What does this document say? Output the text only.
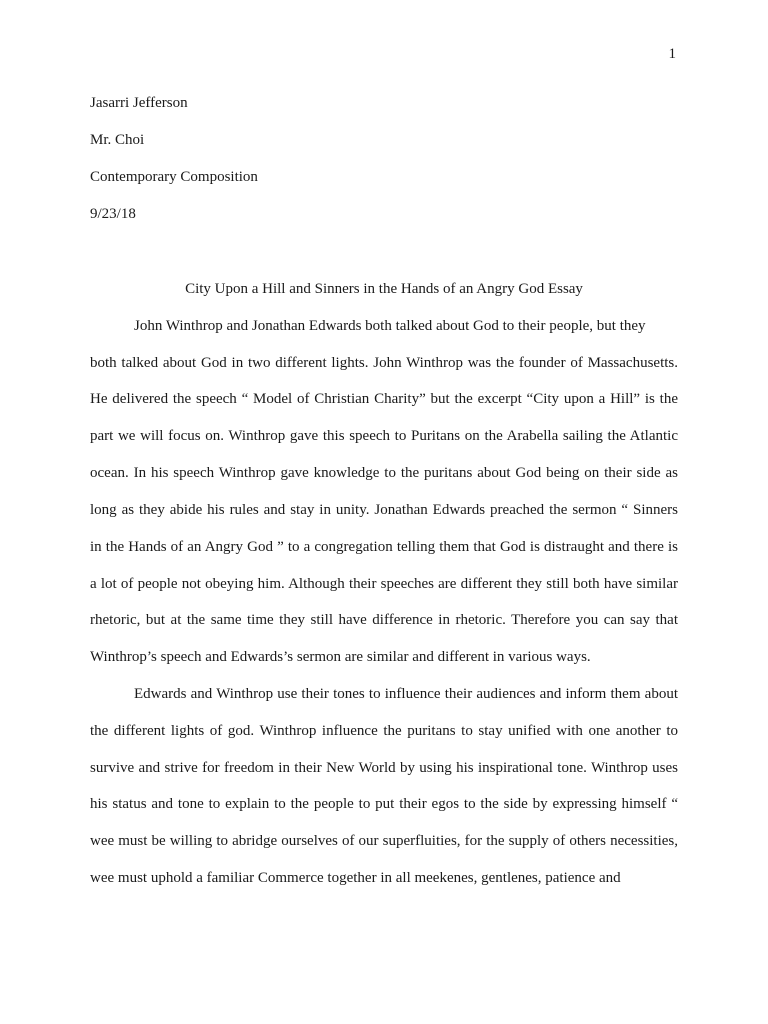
1
Jasarri Jefferson
Mr. Choi
Contemporary Composition
9/23/18
City Upon a Hill and Sinners in the Hands of an Angry God Essay
John Winthrop and Jonathan Edwards both talked about God to their people, but they
both talked about God in two different lights. John Winthrop was the founder of Massachusetts.
He delivered the speech “ Model of Christian Charity” but the excerpt “City upon a Hill” is the
part we will focus on. Winthrop gave this speech to Puritans on the Arabella sailing the Atlantic
ocean. In his speech Winthrop gave knowledge to the puritans about God being on their side as
long as they abide his rules and stay in unity. Jonathan Edwards preached the sermon “ Sinners
in the Hands of an Angry God ” to a congregation telling them that God is distraught and there is
a lot of people not obeying him. Although their speeches are different they still both have similar
rhetoric, but at the same time they still have difference in rhetoric. Therefore you can say that
Winthrop’s speech and Edwards’s sermon are similar and different in various ways.
Edwards and Winthrop use their tones to influence their audiences and inform them about
the different lights of god. Winthrop influence the puritans to stay unified with one another to
survive and strive for freedom in their New World by using his inspirational tone. Winthrop uses
his status and tone to explain to the people to put their egos to the side by expressing himself “
wee must be willing to abridge ourselves of our superfluities, for the supply of others necessities,
wee must uphold a familiar Commerce together in all meekenes, gentlenes, patience and
